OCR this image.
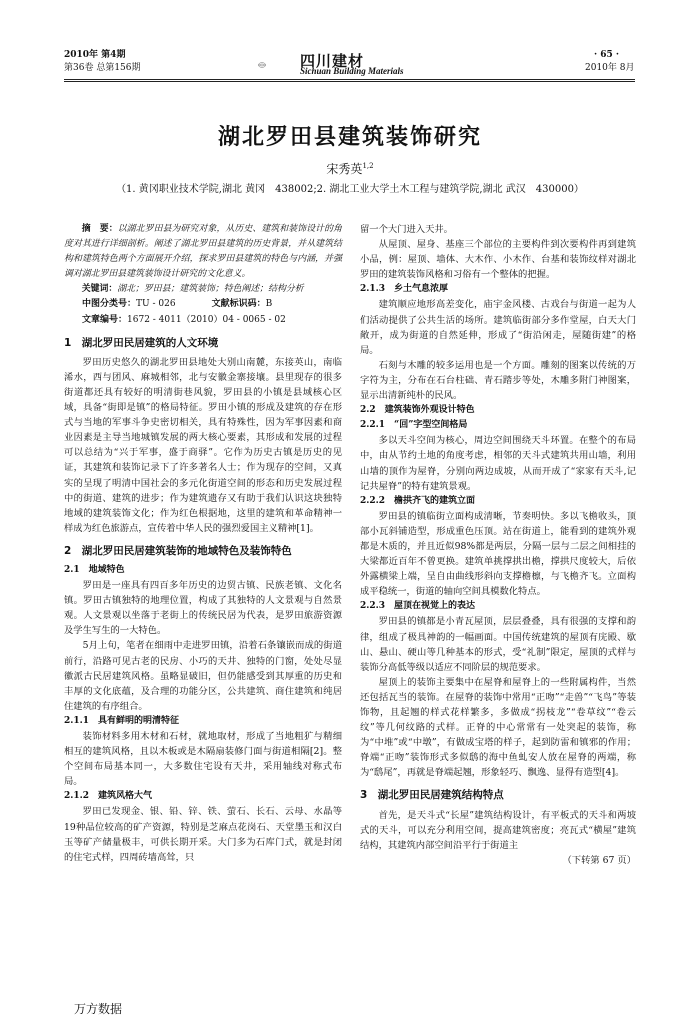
2010年 第4期
第36卷 总第156期	四川建材
Sichuan Building Materials
· 65 ·
2010年 8月
湖北罗田县建筑装饰研究
宋秀英$^{1,2}$
（1. 黄冈职业技术学院,湖北 黄冈　438002;2. 湖北工业大学土木工程与建筑学院,湖北 武汉　430000）

摘　要：以湖北罗田县为研究对象，从历史、建筑和装饰设计的角度对其进行详细剖析。阐述了湖北罗田县建筑的历史背景，并从建筑结构和建筑特色两个方面展开介绍，探求罗田县建筑的特色与内涵，并强调对湖北罗田县建筑装饰设计研究的文化意义。

关键词：湖北；罗田县；建筑装饰；特色阐述；结构分析

中图分类号：TU - 026　　　　	文献标识码：B

文章编号：1672 - 4011（2010）04 - 0065 - 02

1　湖北罗田民居建筑的人文环境

罗田历史悠久的湖北罗田县地处大别山南麓，东接英山，南临浠水，西与团风、麻城相邻，北与安徽金寨接壤。县里现存的很多街道都还具有较好的明清街巷风貌，罗田县的小镇是县域核心区域，具备“街即是镇”的格局特征。罗田小镇的形成及建筑的存在形式与当地的军事斗争史密切相关，具有特殊性，因为军事因素和商业因素是主导当地城镇发展的两大核心要素，其形成和发展的过程可以总结为“兴于军事，盛于商驿”。它作为历史古镇是历史的见证，其建筑和装饰记录下了许多著名人士；作为现存的空间，又真实的呈现了明清中国社会的多元化街道空间的形态和历史发展过程中的街道、建筑的进步；作为建筑遗存又有助于我们认识这块独特地域的建筑装饰文化；作为红色根据地，这里的建筑和革命精神一样成为红色旅游点，宣传着中华人民的强烈爱国主义精神[1]。

2　湖北罗田民居建筑装饰的地域特色及装饰特色

2.1　地域特色

罗田是一座具有四百多年历史的边贸古镇、民族老镇、文化名镇。罗田古镇独特的地理位置，构成了其独特的人文景观与自然景观。人文景观以坐落于老街上的传统民居为代表，是罗田旅游资源及学生写生的一大特色。

5月上旬，笔者在细雨中走进罗田镇，沿着石条镶嵌而成的街道前行，沿路可见古老的民房、小巧的天井、独特的门窗，处处尽显徽派古民居建筑风格。虽略显破旧，但仍能感受到其厚重的历史和丰厚的文化底蕴，及合理的功能分区，公共建筑、商住建筑和纯居住建筑的有序组合。

2.1.1　具有鲜明的明清特征

装饰材料多用木材和石材，就地取材，形成了当地粗犷与精细相互的建筑风格，且以木板或是木隔扇装修门面与街道相隔[2]。整个空间布局基本同一，大多数住宅设有天井，采用轴线对称式布局。

2.1.2　建筑风格大气

罗田已发现金、银、铅、锌、铁、萤石、长石、云母、水晶等19种品位较高的矿产资源，特别是芝麻点花岗石、天堂墨玉和汉白玉等矿产储量极丰，可供长期开采。大门多为石库门式，就是封闭的住宅式样，四周砖墙高耸，只

留一个大门进入天井。

从屋顶、屋身、基座三个部位的主要构件到次要构件再到建筑小品，例：屋顶、墙体、大木作、小木作、台基和装饰纹样对湖北罗田的建筑装饰风格和习俗有一个整体的把握。

2.1.3　乡土气息浓厚

建筑顺应地形高差变化，庙宇金风楼、古戏台与街道一起为人们活动提供了公共生活的场所。建筑临街部分多作堂屋，白天大门敞开，成为街道的自然延伸，形成了“街沿闲走，屋随街建”的格局。

石刻与木雕的较多运用也是一个方面。雕刻的图案以传统的万字符为主，分布在石台柱础、青石踏步等处，木雕多附门神图案，显示出清新纯朴的民风。

2.2　建筑装饰外观设计特色

2.2.1　“回”字型空间格局

多以天斗空间为核心，周边空间围绕天斗环置。在整个的布局中，由从节约土地的角度考虑，相邻的天斗式建筑共用山墙，利用山墙的顶作为屋脊，分别向两边成坡，从而开成了“家家有天斗,记记共屋脊”的特有建筑景观。

2.2.2　檐拱齐飞的建筑立面

罗田县的镇临街立面构成清晰，节奏明快。多以飞檐收头，顶部小瓦斜铺造型，形成重色压顶。站在街道上，能看到的建筑外观都是木质的，并且近似98%都是两层，分隔一层与二层之间相挂的大梁都近百年不曾更换。建筑单挑撑拱出檐，撑拱尺度较大，后依外露横梁上端，呈自由曲线形斜向支撑檐檩，与飞檐齐飞。立面构成平稳统一，街道的轴向空间具模数化特点。

2.2.3　屋顶在视觉上的表达

罗田县的镇都是小青瓦屋顶，层层叠叠，具有很强的支撑和韵律，组成了极具神韵的一幅画面。中国传统建筑的屋顶有庑殿、歇山、悬山、硬山等几种基本的形式，受“礼制”限定，屋顶的式样与装饰分高低等级以适应不同阶层的规范要求。

屋顶上的装饰主要集中在屋脊和屋脊上的一些附属构件，当然还包括瓦当的装饰。在屋脊的装饰中常用“正吻”“走兽”“飞鸟”等装饰物，且起翘的样式花样繁多，多做成“拐枝龙”“卷草纹”“卷云纹”等几何纹路的式样。正脊的中心常常有一处突起的装饰，称为“中堆”或“中墩”，有做成宝塔的样子，起到防雷和镇邪的作用；脊端“正吻”装饰形式多似鸱的海中鱼虬安人放在屋脊的两端，称为“鸱尾”，再就是脊端起翘，形象轻巧、飘逸、显得有造型[4]。

3　湖北罗田民居建筑结构特点

首先，是天斗式“长屋”建筑结构设计，有平板式的天斗和两坡式的天斗，可以充分利用空间，提高建筑密度；亮瓦式“横屋”建筑结构，其建筑内部空间沿平行于街道主

（下转第 67 页）

万方数据
